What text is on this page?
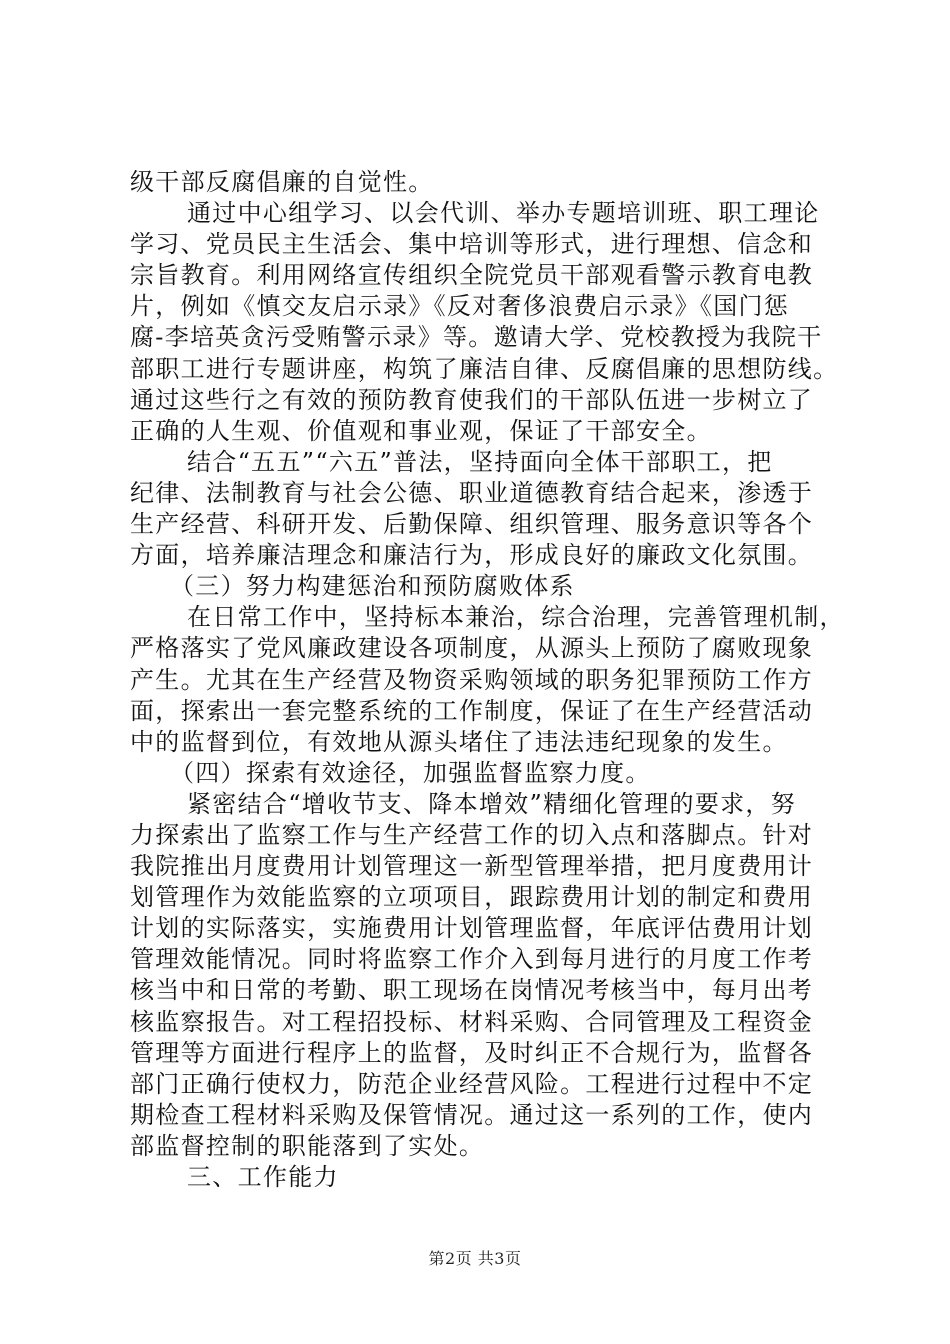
级干部反腐倡廉的自觉性。
通过中心组学习、以会代训、举办专题培训班、职工理论
学习、党员民主生活会、集中培训等形式，进行理想、信念和
宗旨教育。利用网络宣传组织全院党员干部观看警示教育电教
片，例如《慎交友启示录》《反对奢侈浪费启示录》《国门惩
腐-李培英贪污受贿警示录》等。邀请大学、党校教授为我院干
部职工进行专题讲座，构筑了廉洁自律、反腐倡廉的思想防线。
通过这些行之有效的预防教育使我们的干部队伍进一步树立了
正确的人生观、价值观和事业观，保证了干部安全。
结合“五五”“六五”普法，坚持面向全体干部职工，把
纪律、法制教育与社会公德、职业道德教育结合起来，渗透于
生产经营、科研开发、后勤保障、组织管理、服务意识等各个
方面，培养廉洁理念和廉洁行为，形成良好的廉政文化氛围。
（三）努力构建惩治和预防腐败体系
在日常工作中，坚持标本兼治，综合治理，完善管理机制，
严格落实了党风廉政建设各项制度，从源头上预防了腐败现象
产生。尤其在生产经营及物资采购领域的职务犯罪预防工作方
面，探索出一套完整系统的工作制度，保证了在生产经营活动
中的监督到位，有效地从源头堵住了违法违纪现象的发生。
（四）探索有效途径，加强监督监察力度。
紧密结合“增收节支、降本增效”精细化管理的要求，努
力探索出了监察工作与生产经营工作的切入点和落脚点。针对
我院推出月度费用计划管理这一新型管理举措，把月度费用计
划管理作为效能监察的立项项目，跟踪费用计划的制定和费用
计划的实际落实，实施费用计划管理监督，年底评估费用计划
管理效能情况。同时将监察工作介入到每月进行的月度工作考
核当中和日常的考勤、职工现场在岗情况考核当中，每月出考
核监察报告。对工程招投标、材料采购、合同管理及工程资金
管理等方面进行程序上的监督，及时纠正不合规行为，监督各
部门正确行使权力，防范企业经营风险。工程进行过程中不定
期检查工程材料采购及保管情况。通过这一系列的工作，使内
部监督控制的职能落到了实处。
三、工作能力
第2页 共3页
